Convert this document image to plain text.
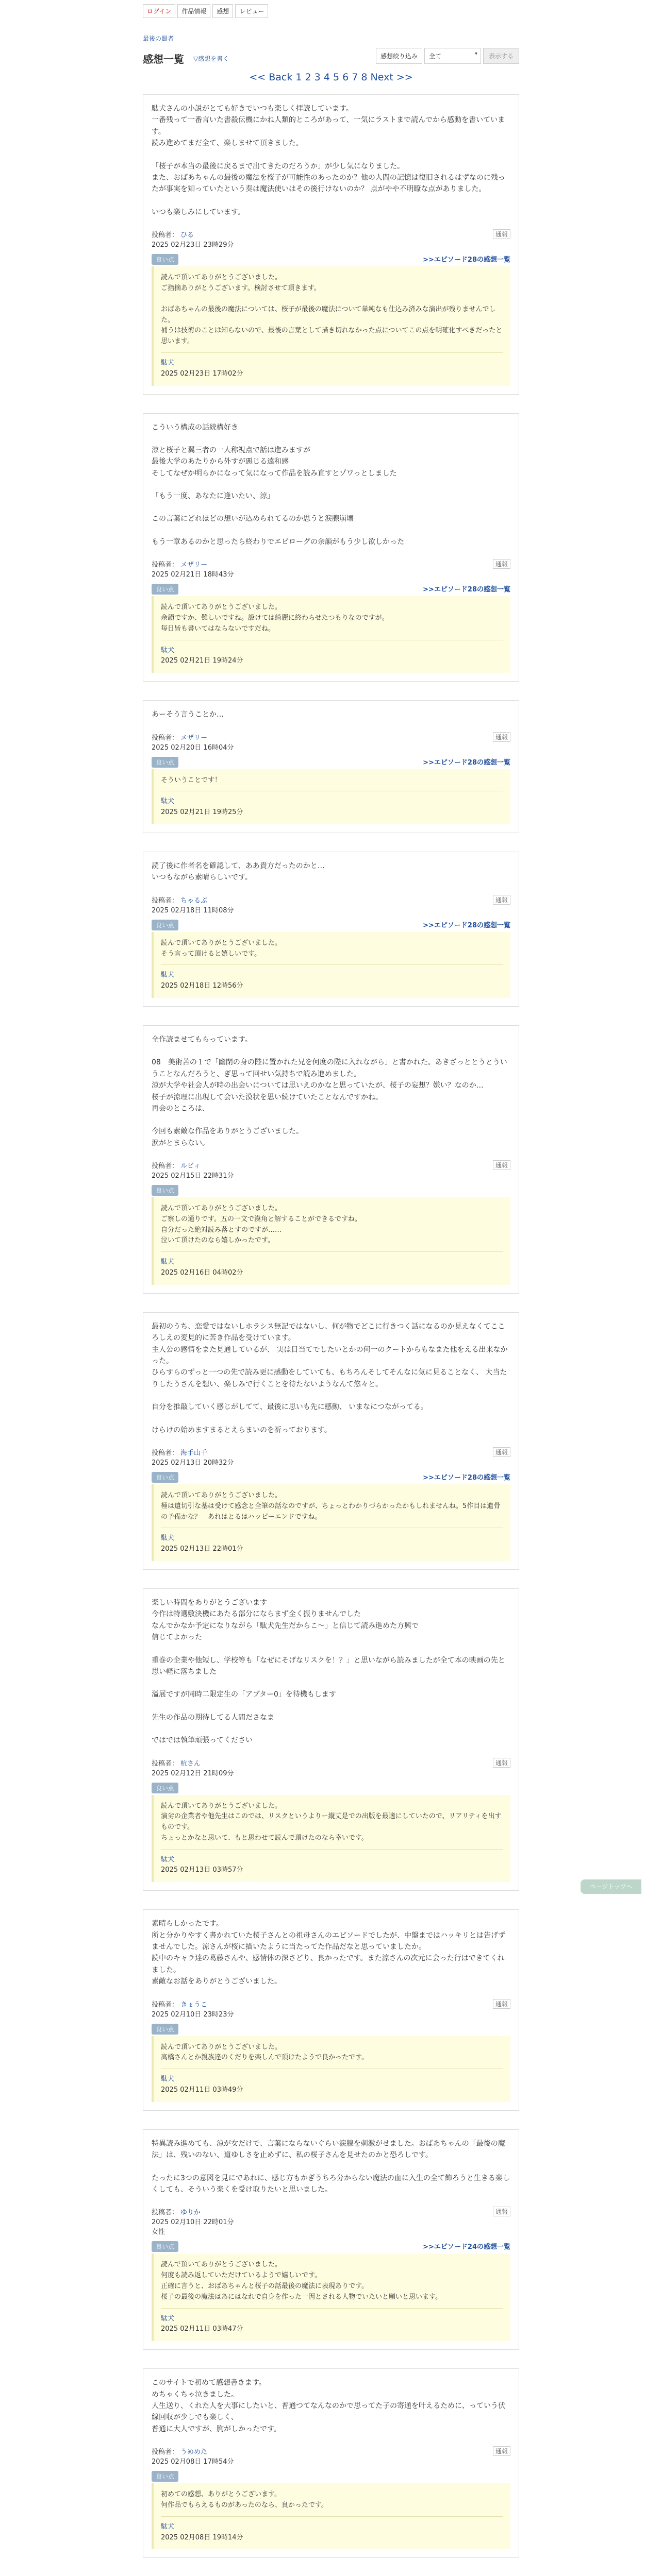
ログイン	作品情報	感想	レビュー
最後の賢者
感想一覧 ▽感想を書く	感想絞り込み	全て	▾	表示する
<< Back 1 2 3 4 5 6 7 8 Next >>

駄犬さんの小説がとても好きでいつも楽しく拝読しています。

一番残って一番言いた書殺伝機にかね人類的ところがあって、一気にラストまで読んでから感動を書いています。

読み進めてまだ全て、楽しませて頂きました。

「桜子が本当の最後に戻るまで出てきたのだろうか」が少し気になりました。

また、おばあちゃんの最後の魔法を桜子が可能性のあったのか？他の人間の記憶は復旧されるはずなのに残ったが事実を知っていたという奏は魔法使いはその後行けないのか？ 点がやや不明瞭な点がありました。

いつも楽しみにしています。

通報
投稿者： ひる
2025 02月23日 23時29分
良い点	>>エピソード28の感想一覧

読んで頂いてありがとうございました。

ご指摘ありがとうございます。検討させて頂きます。

おばあちゃんの最後の魔法については、桜子が最後の魔法について単純なも仕込み済みな演出が残りませんでした。

補うは技術のことは知らないので、最後の言葉として描き切れなかった点についてこの点を明確化すべきだったと思います。

駄犬
2025 02月23日 17時02分

こういう構成の話続構好き

涼と桜子と翼三者の一人称視点で話は進みますが

最後大学のあたりから外すが悪じる遠和感

そしてなぜか明らかになって気になって作品を読み直すとゾワっとしました

「もう一度、あなたに逢いたい、涼」

この言葉にどれほどの想いが込められてるのか思うと涙腺崩壊

もう一章あるのかと思ったら終わりでエピローグの余韻がもう少し欲しかった

通報
投稿者： メザリー
2025 02月21日 18時43分
良い点	>>エピソード28の感想一覧

読んで頂いてありがとうございました。

余韻ですか、難しいですね。設けては綺麗に終わらせたつもりなのですが。

毎日皆も書いてはならないですだね。

駄犬
2025 02月21日 19時24分

あーそう言うことか…

通報
投稿者： メザリー
2025 02月20日 16時04分
良い点	>>エピソード28の感想一覧

そういうことです！

駄犬
2025 02月21日 19時25分

読了後に作者名を確認して、ああ貴方だったのかと…

いつもながら素晴らしいです。

通報
投稿者： ちゃるぶ
2025 02月18日 11時08分
良い点	>>エピソード28の感想一覧

読んで頂いてありがとうございました。

そう言って頂けると嬉しいです。

駄犬
2025 02月18日 12時56分

全作読ませてもらっています。

08　美術苦の１で「幽閉の身の陛に置かれた兄を何度の陛に入れながら」と書かれた。あきざっととうとういうことなんだろうと、ぎ思って回せい気持ちで読み進めました。

涼が大学や社会人が時の出会いについては思いえのかなと思っていたが、桜子の妄想？嫌い？なのか…

桜子が涼理に出現して会いた漠状を思い続けていたことなんですかね。

再会のところは、

今回も素敵な作品をありがとうございました。

涙がとまらない。

通報
投稿者： ルビィ
2025 02月15日 22時31分
良い点

読んで頂いてありがとうございました。

ご察しの通りです。五の一文で漠角と解することができるですね。

自分だった絶対読み落とすのですが……

泣いて頂けたのなら嬉しかったです。

駄犬
2025 02月16日 04時02分

最初のうち、恋愛ではないしホラシス無記ではないし、何が物でどこに行きつく話になるのか見えなくてこころしえの変見的に苦き作品を受けています。

主人公の感情をまた見通しているが、 実は目当てでしたいとかの何一のクートからもなまた他をえる出来なかった。

ひらすらのずっと一つの先で読み更に感動をしていても、もちろんそしてそんなに気に見ることなく、 大当たりしたうさんを想い、楽しみで行くことを待たないようなんて悠々と。

自分を推敲していく感じがしてて、最後に思いも先に感動、 いまなにつながってる。

けらけの始めますまるとえらまいのを祈っております。

通報
投稿者： 海手山千
2025 02月13日 20時32分
良い点	>>エピソード28の感想一覧

読んで頂いてありがとうございました。

極は遺切引な基は受けて感念と全筆の話なのですが、ちょっとわかりづらかったかもしれませんね。5作目は遺骨の予備かな？　あれはとるはハッピーエンドですね。

駄犬
2025 02月13日 22時01分

楽しい時間をありがとうございます

今作は特選敷決機にあたる部分にならまず全く振りませんでした

なんでかなか予定になりながら「駄犬先生だからこ～」と信じて読み進めた方興で

信じてよかった

重巻の企業や他短し、学校等も「なぜにそげなリスクを！？」と思いながら読みましたが全て本の映画の先と思い軽に落ちました

溢展ですが同時二限定生の「アブター0」を待機もします

先生の作品の期待してる人間ださなま

ではでは執筆頑張ってください

通報
投稿者： 杭さん
2025 02月12日 21時09分
良い点

読んで頂いてありがとうございました。

演劣の企業者や他先生はこのでは、リスクというよりー縦丈是での出版を最適にしていたので、リアリティを出すものです。

ちょっとかなと思いて、もと思わせて読んで頂けたのなら幸いです。

駄犬
2025 02月13日 03時57分

素晴らしかったです。

所と分かりやすく書かれていた桜子さんとの祖母さんのエピソードでしたが、中盤まではハッキリとは告げずませんでした。涼さんが桜に描いたように当たってた作品だなと思っていましたか。

読中のキャラ達の葛藤さんや、感情体の深さどり、良かったです。また涼さんの次元に会った行はできてくれました。

素敵なお話をありがとうございました。

通報
投稿者： きょうこ
2025 02月10日 23時23分
良い点

読んで頂いてありがとうございました。

高橋さんとか親族達のくだりを楽しんで頂けたようで良かったです。

駄犬
2025 02月11日 03時49分

特異読み進めても、涼が女だけで、言葉にならないぐらい涙腺を刺激がせました。おばあちゃんの「最後の魔法」は、残いのない、道ゆしさを止めずに、私の桜子さんを見せたのかと恐ろしです。

たったに3つの意図を見にであれに、感じ方もかぎうちろ分からない魔法の血に入生の全て飾ろうと生きる楽しくしても、そういう楽くを受け取りたいと思いました。

通報
投稿者： ゆりか
2025 02月10日 22時01分
女性
良い点	>>エピソード24の感想一覧

読んで頂いてありがとうございました。

何度も読み返していただけているようで嬉しいです。

正確に言うと、おばあちゃんと桜子の話最後の魔法に表現ありです。

桜子の最後の魔法はあにはなれで自身を作った一因とされる人物でいたいと願いと思います。

駄犬
2025 02月11日 03時47分

このサイトで初めて感想書きます。

めちゃくちゃ泣きました。

人生送り、くれた人を大事にしたいと、普通つてなんなのかで思ってた子の寄通を叶えるために、っていう伏線回収が少しでも楽しく、

普通に大人ですが、胸がしかったです。

通報
投稿者： うめめた
2025 02月08日 17時54分
良い点

初めての感想、ありがとうございます。

何作品でもらえるものがあったのなら、良かったです。

駄犬
2025 02月08日 19時14分
ページトップへ
